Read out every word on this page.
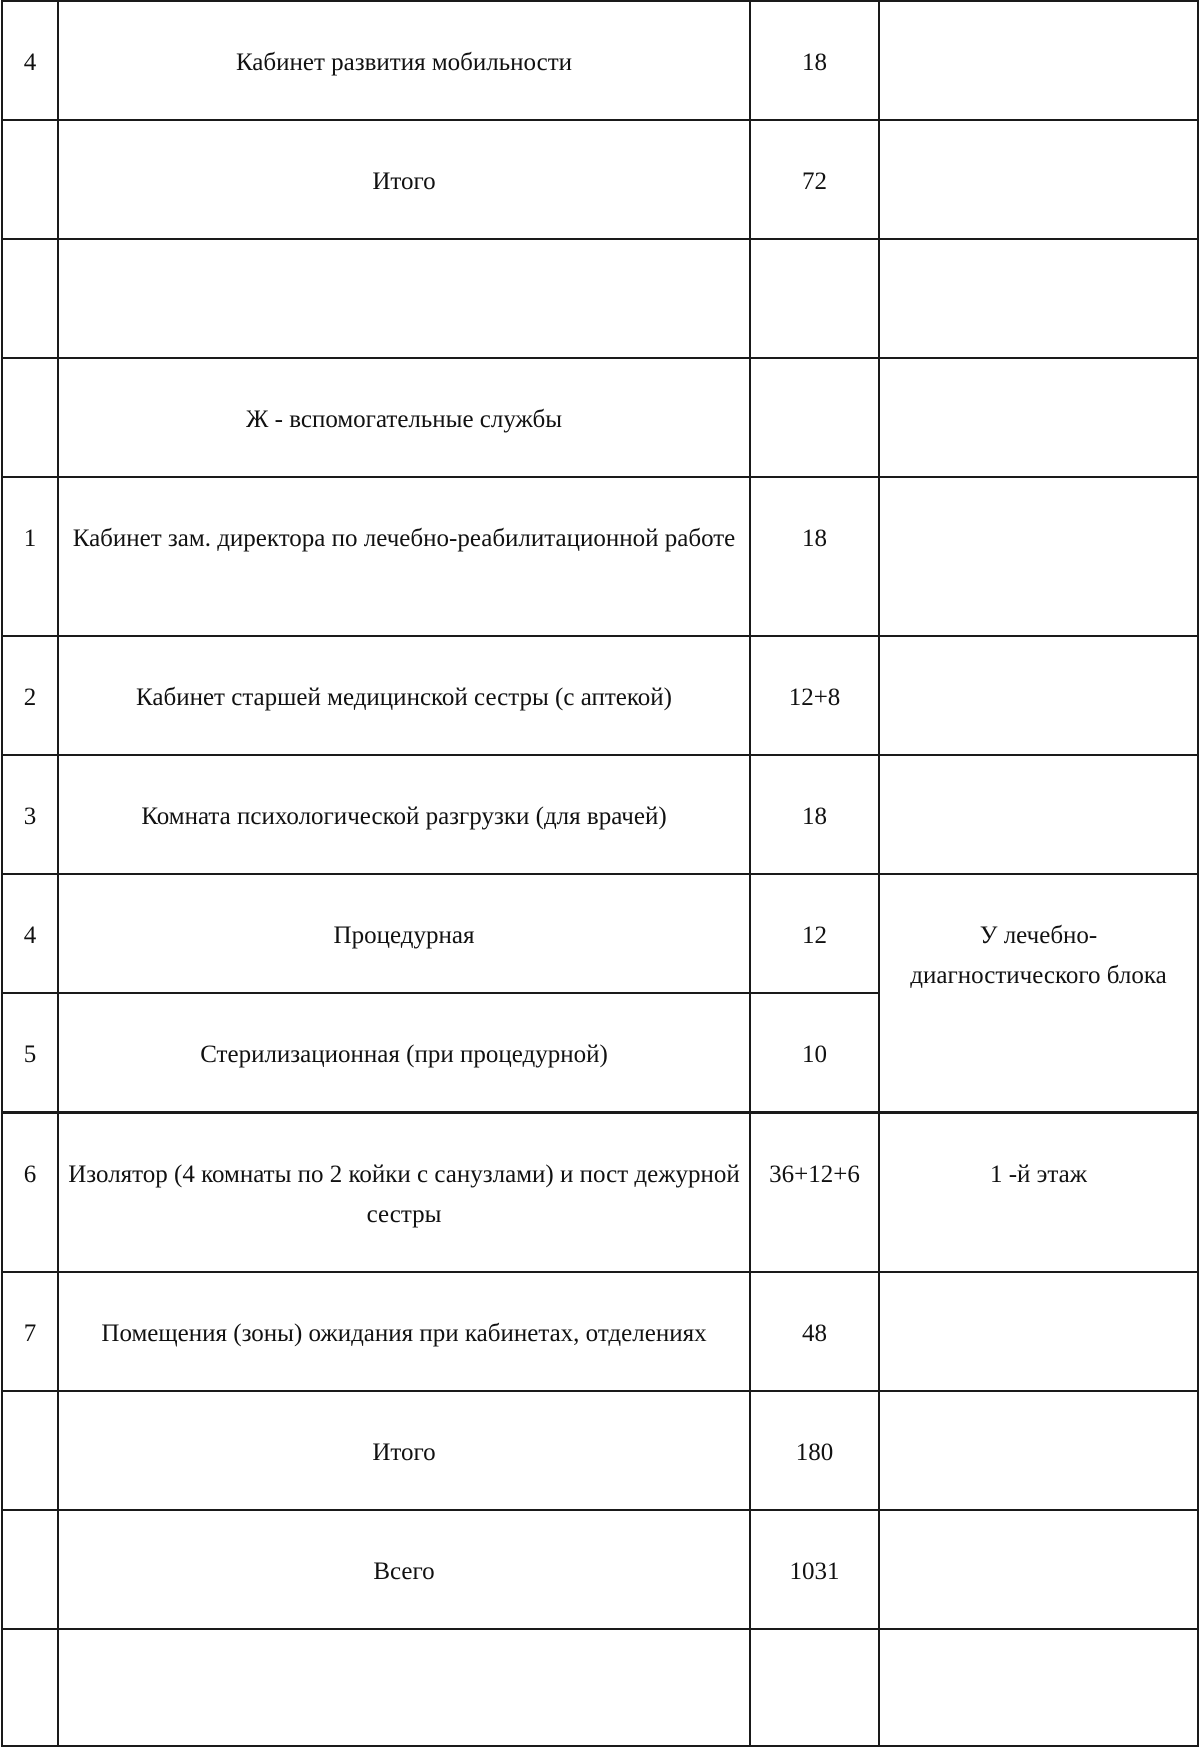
4	Кабинет развития мобильности	18	

	Итого	72	

	Ж - вспомогательные службы		

1	Кабинет зам. директора по лечебно-реабилитационной работе	18	

2	Кабинет старшей медицинской сестры (с аптекой)	12+8	

3	Комната психологической разгрузки (для врачей)	18	

4	Процедурная	12	У лечебно-диагностического блока

5	Стерилизационная (при процедурной)	10	

6	Изолятор (4 комнаты по 2 койки с санузлами) и пост дежурной сестры	36+12+6	1 -й этаж

7	Помещения (зоны) ожидания при кабинетах, отделениях	48	

	Итого	180	

	Всего	1031	
